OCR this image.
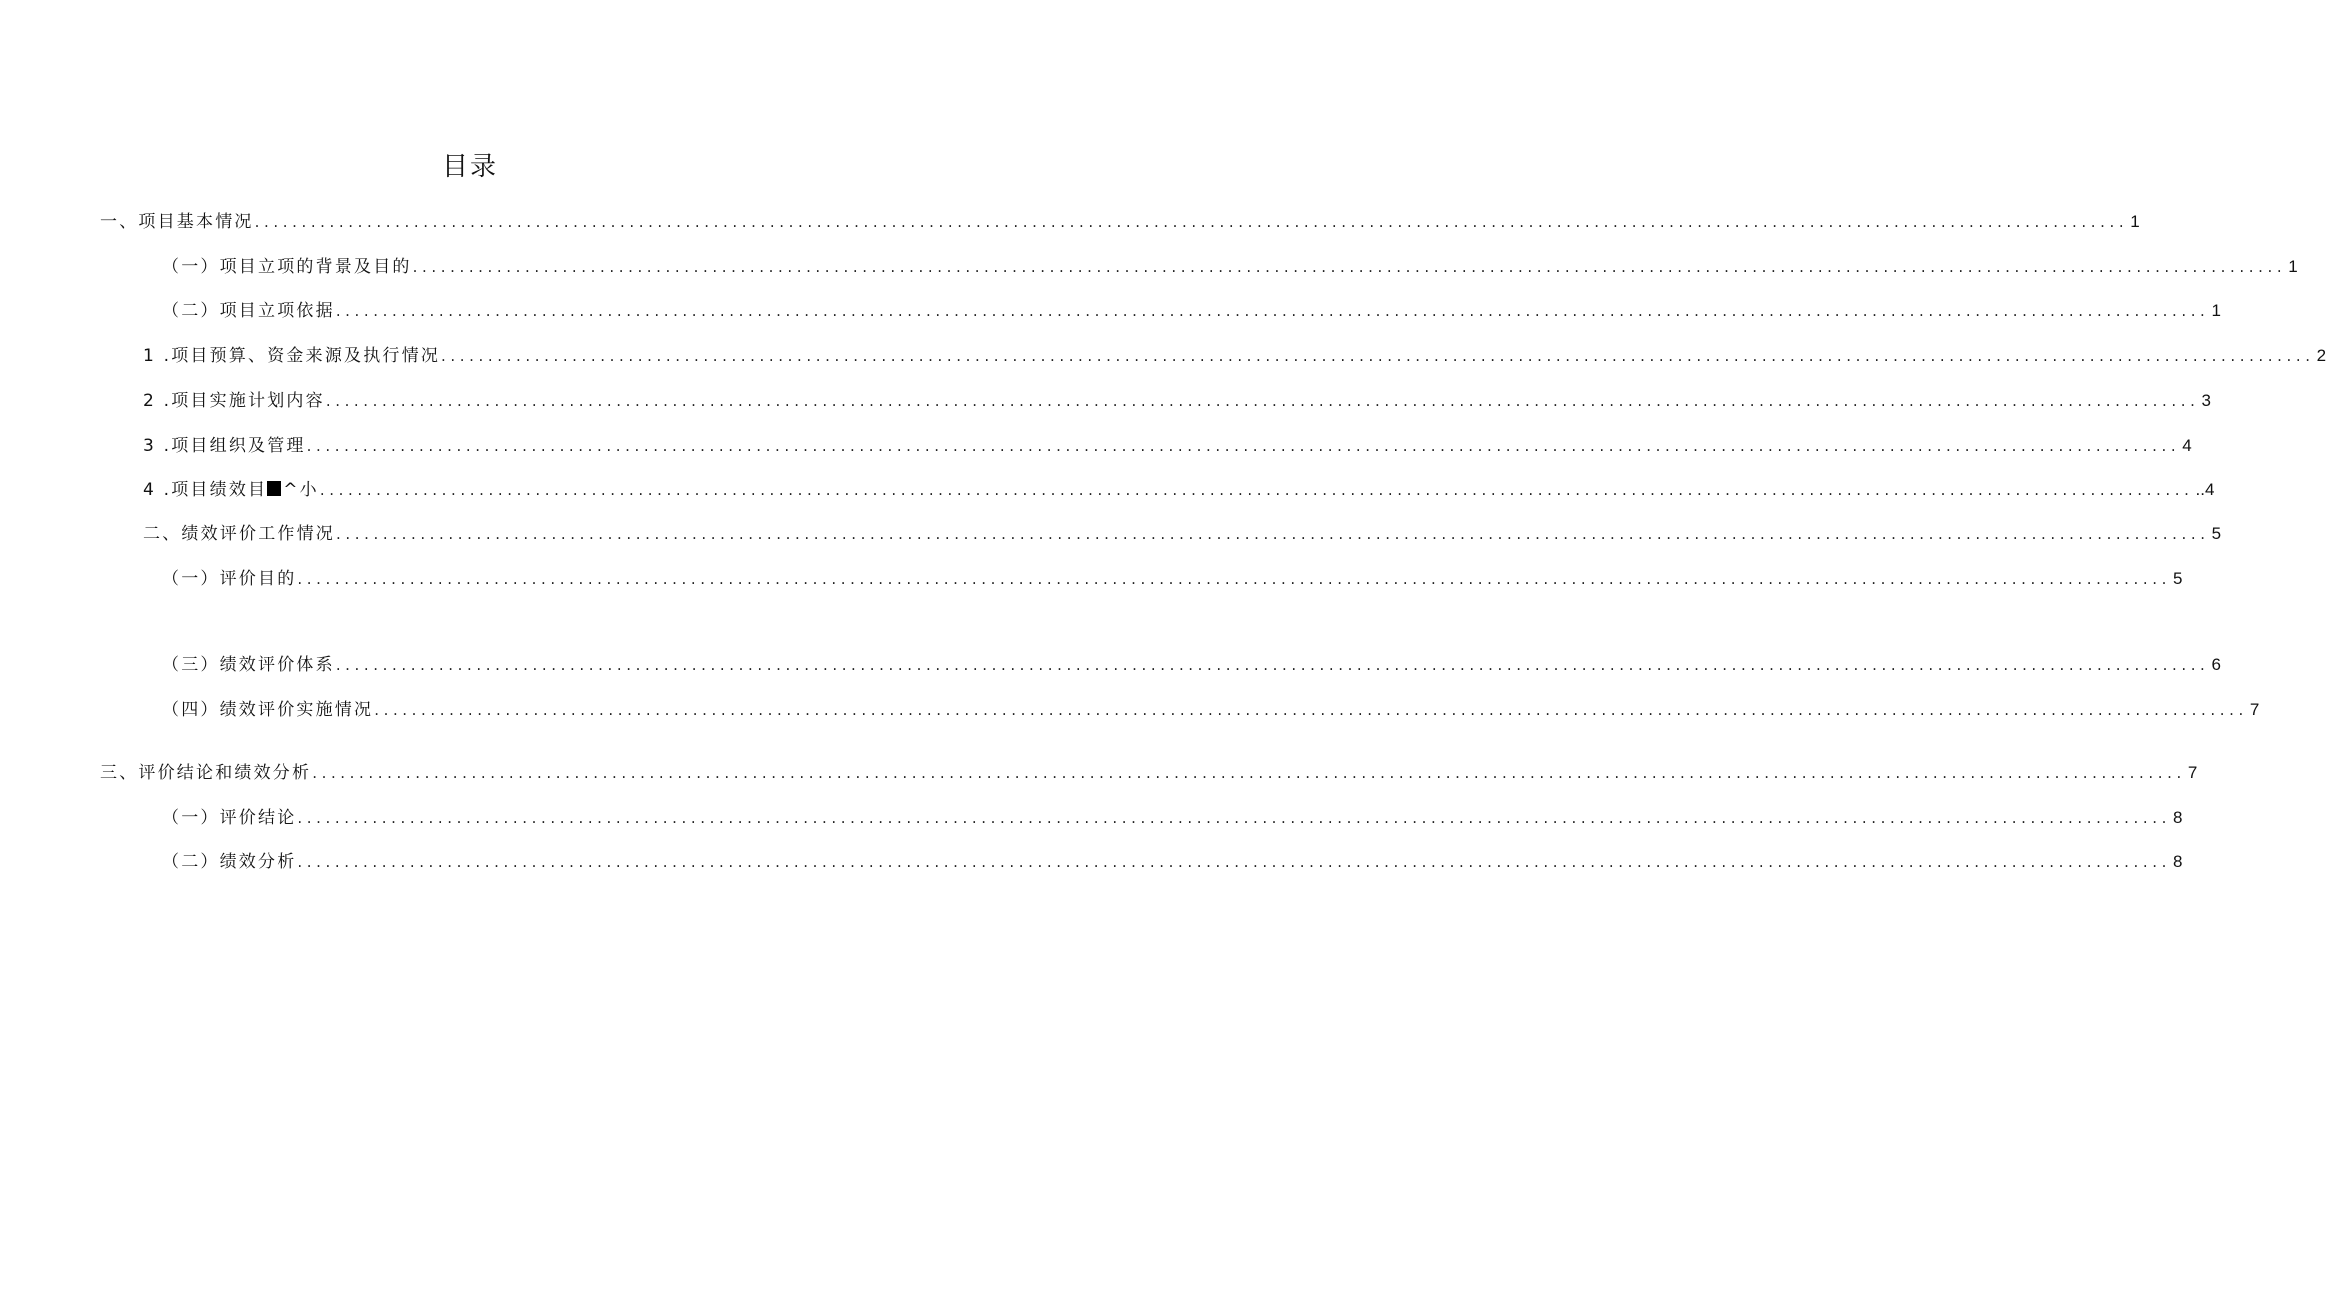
目录
一、项目基本情况 ........................................................................................................................................................................................................ 1
（一）项目立项的背景及目的 ........................................................................................................................................................................................................ 1
（二）项目立项依据 ........................................................................................................................................................................................................ 1
1 .项目预算、资金来源及执行情况 ........................................................................................................................................................................................................ 2
2 .项目实施计划内容 ........................................................................................................................................................................................................ 3
3 .项目组织及管理 ........................................................................................................................................................................................................ 4
4 .项目绩效目 ^小 ........................................................................................................................................................................................................ ..4
二、绩效评价工作情况 ........................................................................................................................................................................................................ 5
（一）评价目的 ........................................................................................................................................................................................................ 5
（三）绩效评价体系 ........................................................................................................................................................................................................ 6
（四）绩效评价实施情况 ........................................................................................................................................................................................................ 7
三、评价结论和绩效分析 ........................................................................................................................................................................................................ 7
（一）评价结论 ........................................................................................................................................................................................................ 8
（二）绩效分析 ........................................................................................................................................................................................................ 8
